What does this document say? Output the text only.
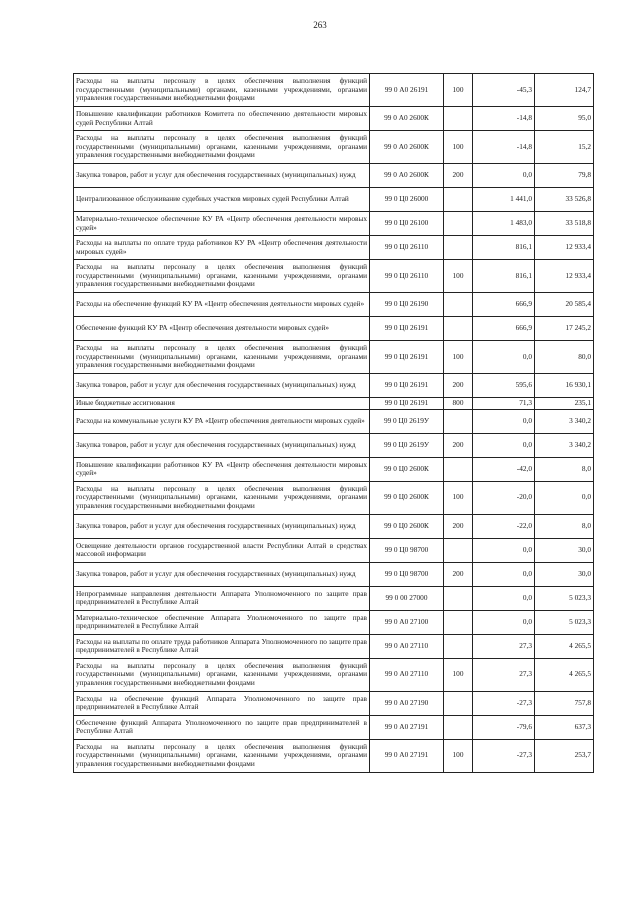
263
Расходы на выплаты персоналу в целях обеспечения выполнения функций государственными (муниципальными) органами, казенными учреждениями, органами управления государственными внебюджетными фондами	99 0 А0 26191	100	-45,3	124,7
Повышение квалификации работников Комитета по обеспечению деятельности мировых судей Республики Алтай	99 0 А0 2600К		-14,8	95,0
Расходы на выплаты персоналу в целях обеспечения выполнения функций государственными (муниципальными) органами, казенными учреждениями, органами управления государственными внебюджетными фондами	99 0 А0 2600К	100	-14,8	15,2
Закупка товаров, работ и услуг для обеспечения государственных (муниципальных) нужд	99 0 А0 2600К	200	0,0	79,8
Централизованное обслуживание судебных участков мировых судей Республики Алтай	99 0 Ц0 26000		1 441,0	33 526,8
Материально-техническое обеспечение КУ РА «Центр обеспечения деятельности мировых судей»	99 0 Ц0 26100		1 483,0	33 518,8
Расходы на выплаты по оплате труда работников КУ РА «Центр обеспечения деятельности мировых судей»	99 0 Ц0 26110		816,1	12 933,4
Расходы на выплаты персоналу в целях обеспечения выполнения функций государственными (муниципальными) органами, казенными учреждениями, органами управления государственными внебюджетными фондами	99 0 Ц0 26110	100	816,1	12 933,4
Расходы на обеспечение функций КУ РА «Центр обеспечения деятельности мировых судей»	99 0 Ц0 26190		666,9	20 585,4
Обеспечение функций КУ РА «Центр обеспечения деятельности мировых судей»	99 0 Ц0 26191		666,9	17 245,2
Расходы на выплаты персоналу в целях обеспечения выполнения функций государственными (муниципальными) органами, казенными учреждениями, органами управления государственными внебюджетными фондами	99 0 Ц0 26191	100	0,0	80,0
Закупка товаров, работ и услуг для обеспечения государственных (муниципальных) нужд	99 0 Ц0 26191	200	595,6	16 930,1
Иные бюджетные ассигнования	99 0 Ц0 26191	800	71,3	235,1
Расходы на коммунальные услуги КУ РА «Центр обеспечения деятельности мировых судей»	99 0 Ц0 2619У		0,0	3 340,2
Закупка товаров, работ и услуг для обеспечения государственных (муниципальных) нужд	99 0 Ц0 2619У	200	0,0	3 340,2
Повышение квалификации работников КУ РА «Центр обеспечения деятельности мировых судей»	99 0 Ц0 2600К		-42,0	8,0
Расходы на выплаты персоналу в целях обеспечения выполнения функций государственными (муниципальными) органами, казенными учреждениями, органами управления государственными внебюджетными фондами	99 0 Ц0 2600К	100	-20,0	0,0
Закупка товаров, работ и услуг для обеспечения государственных (муниципальных) нужд	99 0 Ц0 2600К	200	-22,0	8,0
Освещение деятельности органов государственной власти Республики Алтай в средствах массовой информации	99 0 Ц0 98700		0,0	30,0
Закупка товаров, работ и услуг для обеспечения государственных (муниципальных) нужд	99 0 Ц0 98700	200	0,0	30,0
Непрограммные направления деятельности Аппарата Уполномоченного по защите прав предпринимателей в Республике Алтай	99 0 00 27000		0,0	5 023,3
Материально-техническое обеспечение Аппарата Уполномоченного по защите прав предпринимателей в Республике Алтай	99 0 А0 27100		0,0	5 023,3
Расходы на выплаты по оплате труда работников Аппарата Уполномоченного по защите прав предпринимателей в Республике Алтай	99 0 А0 27110		27,3	4 265,5
Расходы на выплаты персоналу в целях обеспечения выполнения функций государственными (муниципальными) органами, казенными учреждениями, органами управления государственными внебюджетными фондами	99 0 А0 27110	100	27,3	4 265,5
Расходы на обеспечение функций Аппарата Уполномоченного по защите прав предпринимателей в Республике Алтай	99 0 А0 27190		-27,3	757,8
Обеспечение функций Аппарата Уполномоченного по защите прав предпринимателей в Республике Алтай	99 0 А0 27191		-79,6	637,3
Расходы на выплаты персоналу в целях обеспечения выполнения функций государственными (муниципальными) органами, казенными учреждениями, органами управления государственными внебюджетными фондами	99 0 А0 27191	100	-27,3	253,7
